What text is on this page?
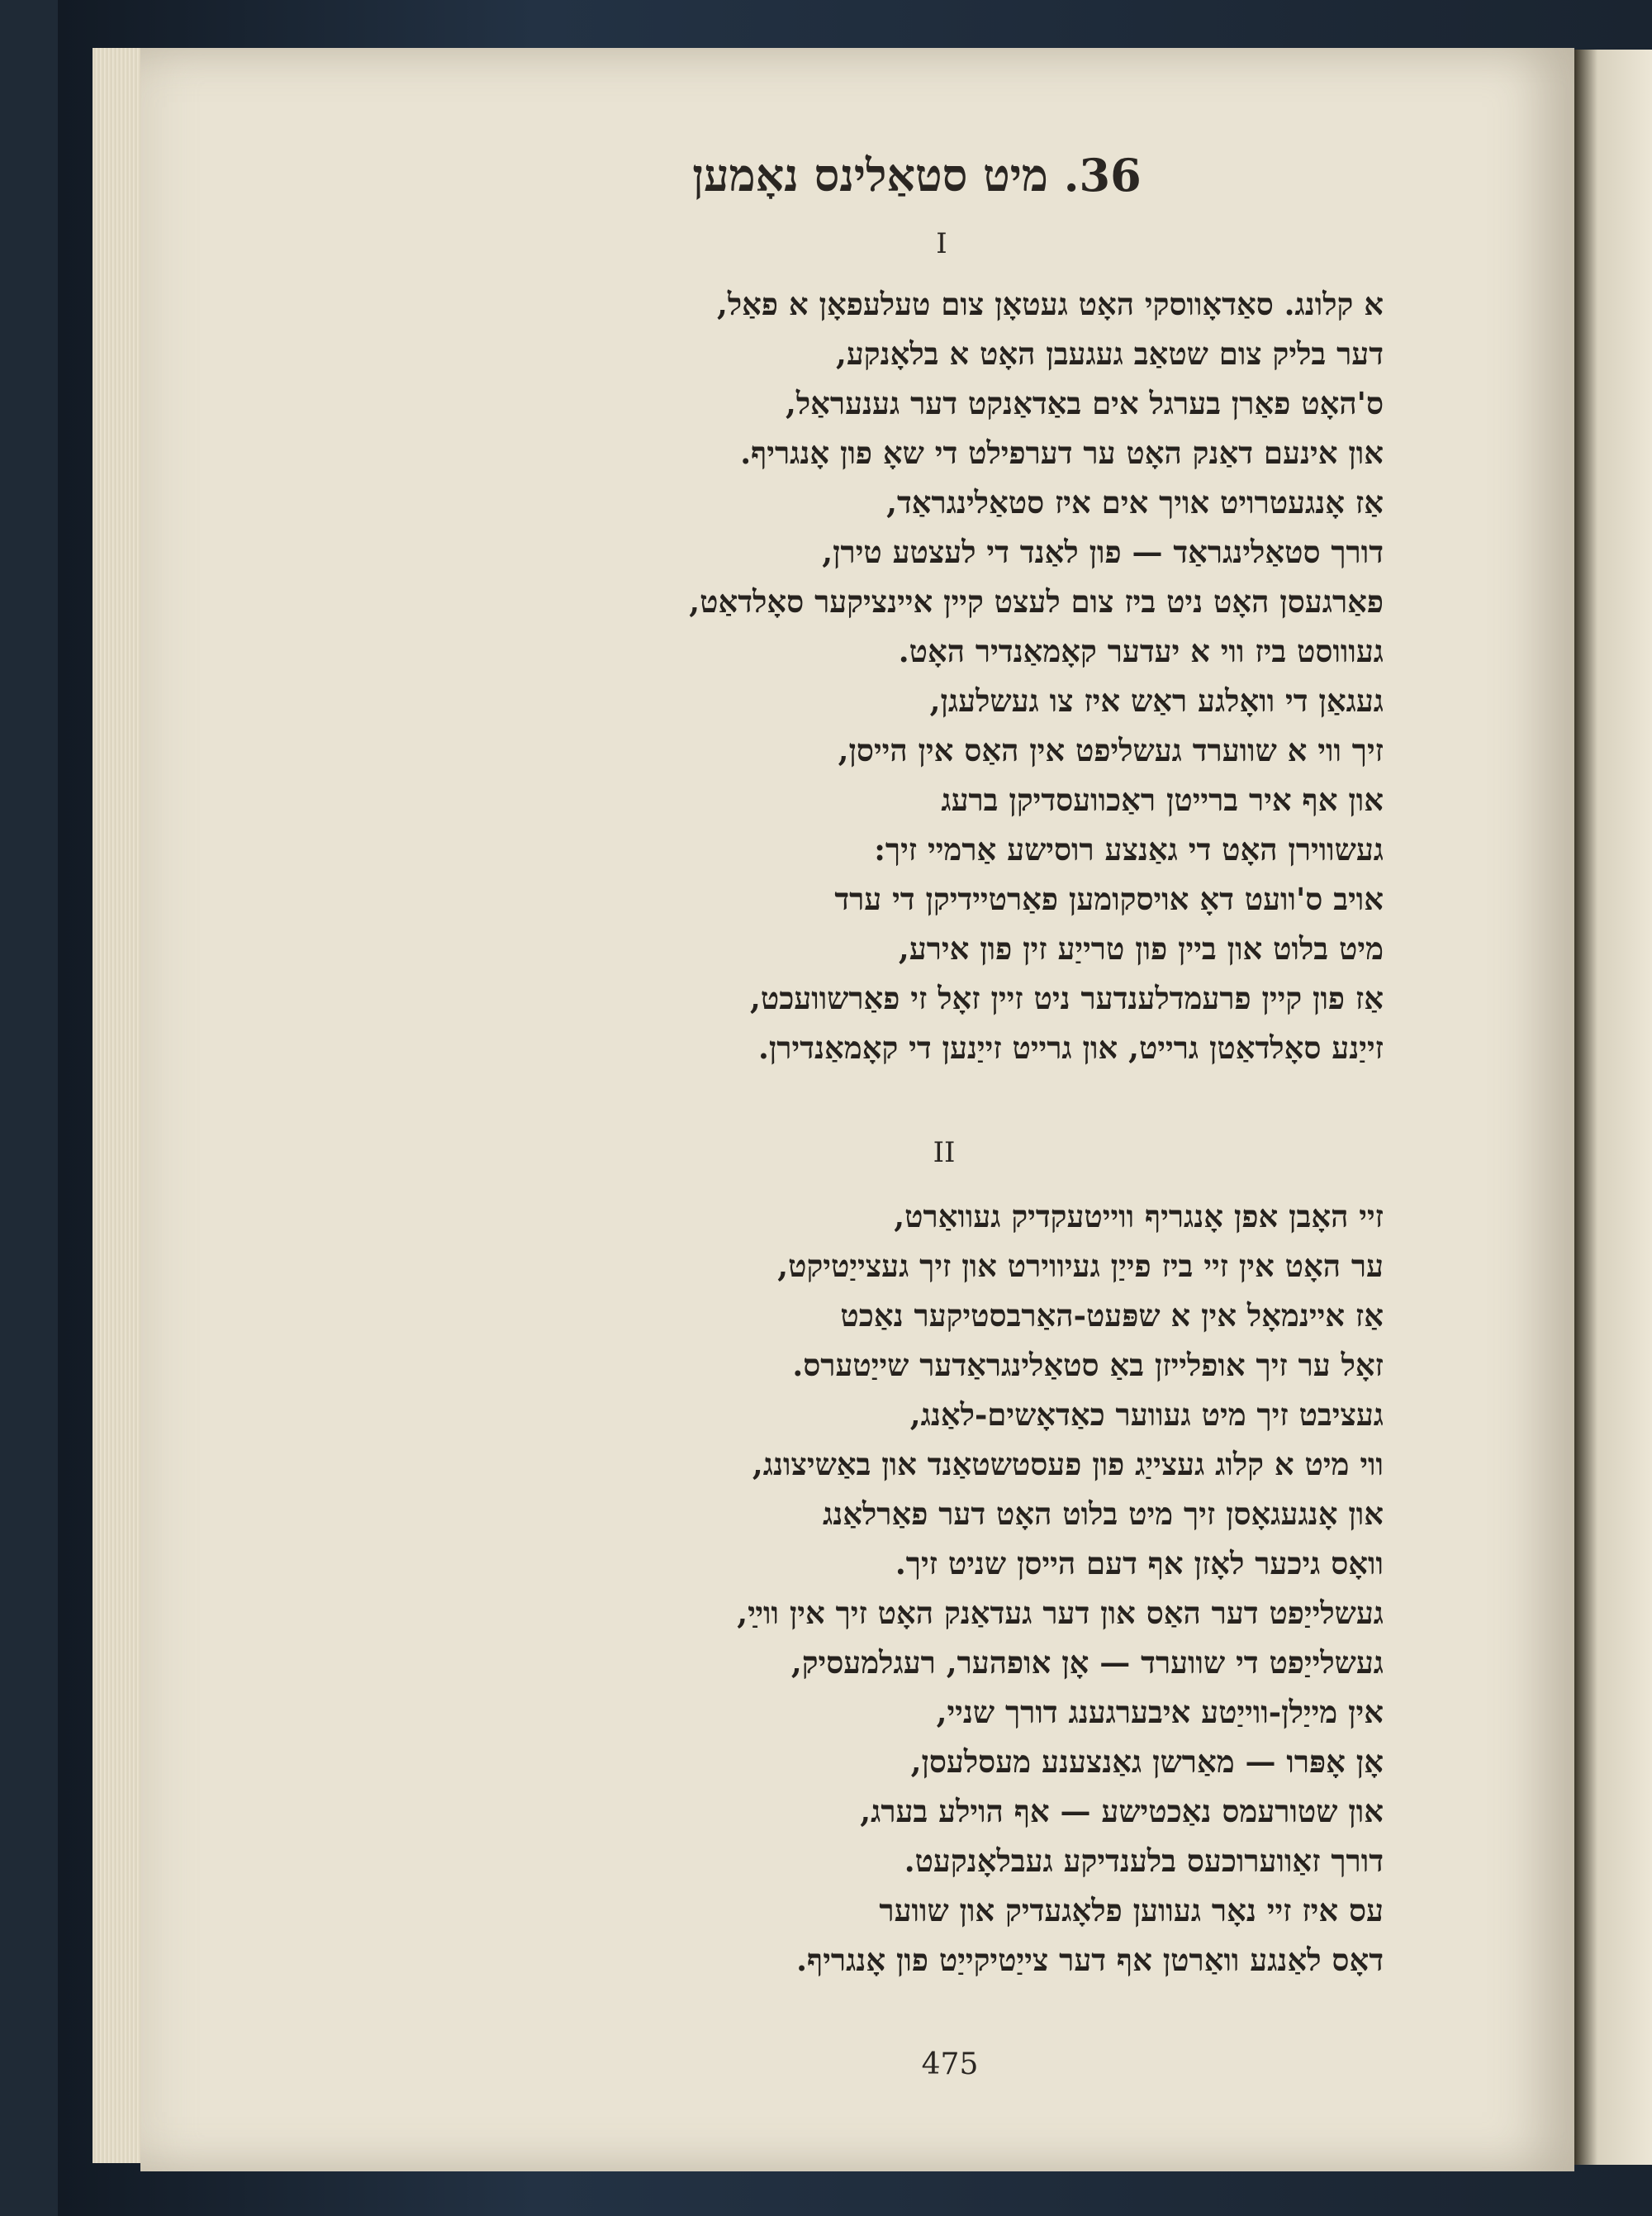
36. מיט סטאַלינס נאָמען
I
א קלונג. סאַדאָווסקי האָט געטאָן צום טעלעפאָן א פאַל,
דער בליק צום שטאַב געגעבן האָט א בלאָנקע,
ס'האָט פאַרן בערגל אים באַדאַנקט דער גענעראַל,
און אינעם דאַנק האָט ער דערפילט די שאָ פון אָנגריף.
אַז אָנגעטרויט אויך אים איז סטאַלינגראַד,
דורך סטאַלינגראַד — פון לאַנד די לעצטע טירן,
פאַרגעסן האָט ניט ביז צום לעצט קיין איינציקער סאָלדאַט,
געוווסט ביז ווי א יעדער קאָמאַנדיר האָט.
געגאַן די וואָלגע ראַש איז צו געשלעגן,
זיך ווי א שווערד געשליפט אין האַס אין הייסן,
און אף איר ברייטן ראַכוועסדיקן ברעג
געשווירן האָט די גאַנצע רוסישע אַרמיי זיך:
אויב ס'וועט דאָ אויסקומען פאַרטיידיקן די ערד
מיט בלוט און ביין פון טרייַע זין פון אירע,
אַז פון קיין פרעמדלענדער ניט זיין זאָל זי פאַרשוועכט,
זייַנע סאָלדאַטן גרייט, און גרייט זייַנען די קאָמאַנדירן.
II
זיי האָבן אפן אָנגריף ווייטעקדיק געוואַרט,
ער האָט אין זיי ביז פייַן געיווירט און זיך געצייַטיקט,
אַז איינמאָל אין א שפּעט-האַרבסטיקער נאַכט
זאָל ער זיך אופלייזן באַ סטאַלינגראַדער שייַטערס.
געציבט זיך מיט געווער כאַדאָשים-לאַנג,
ווי מיט א קלוג געצייַג פון פעסטשטאַנד און באַשיצונג,
און אָנגעגאָסן זיך מיט בלוט האָט דער פאַרלאַנג
וואָס גיכער לאָזן אף דעם הייסן שניט זיך.
געשלייַפט דער האַס און דער געדאַנק האָט זיך אין ווײַ,
געשלייַפט די שווערד — אָן אופהער, רעגלמעסיק,
אין מייַלן-ווייַטע איבערגענג דורך שניי,
אָן אָפּרו — מאַרשן גאַנצענע מעסלעסן,
און שטורעמס נאַכטישע — אף הוילע בערג,
דורך זאַווערוכעס בלענדיקע געבלאָנקעט.
עס איז זיי נאָר געווען פלאָגעדיק און שווער
דאָס לאַנגע וואַרטן אף דער צייַטיקייַט פון אָנגריף.
475
